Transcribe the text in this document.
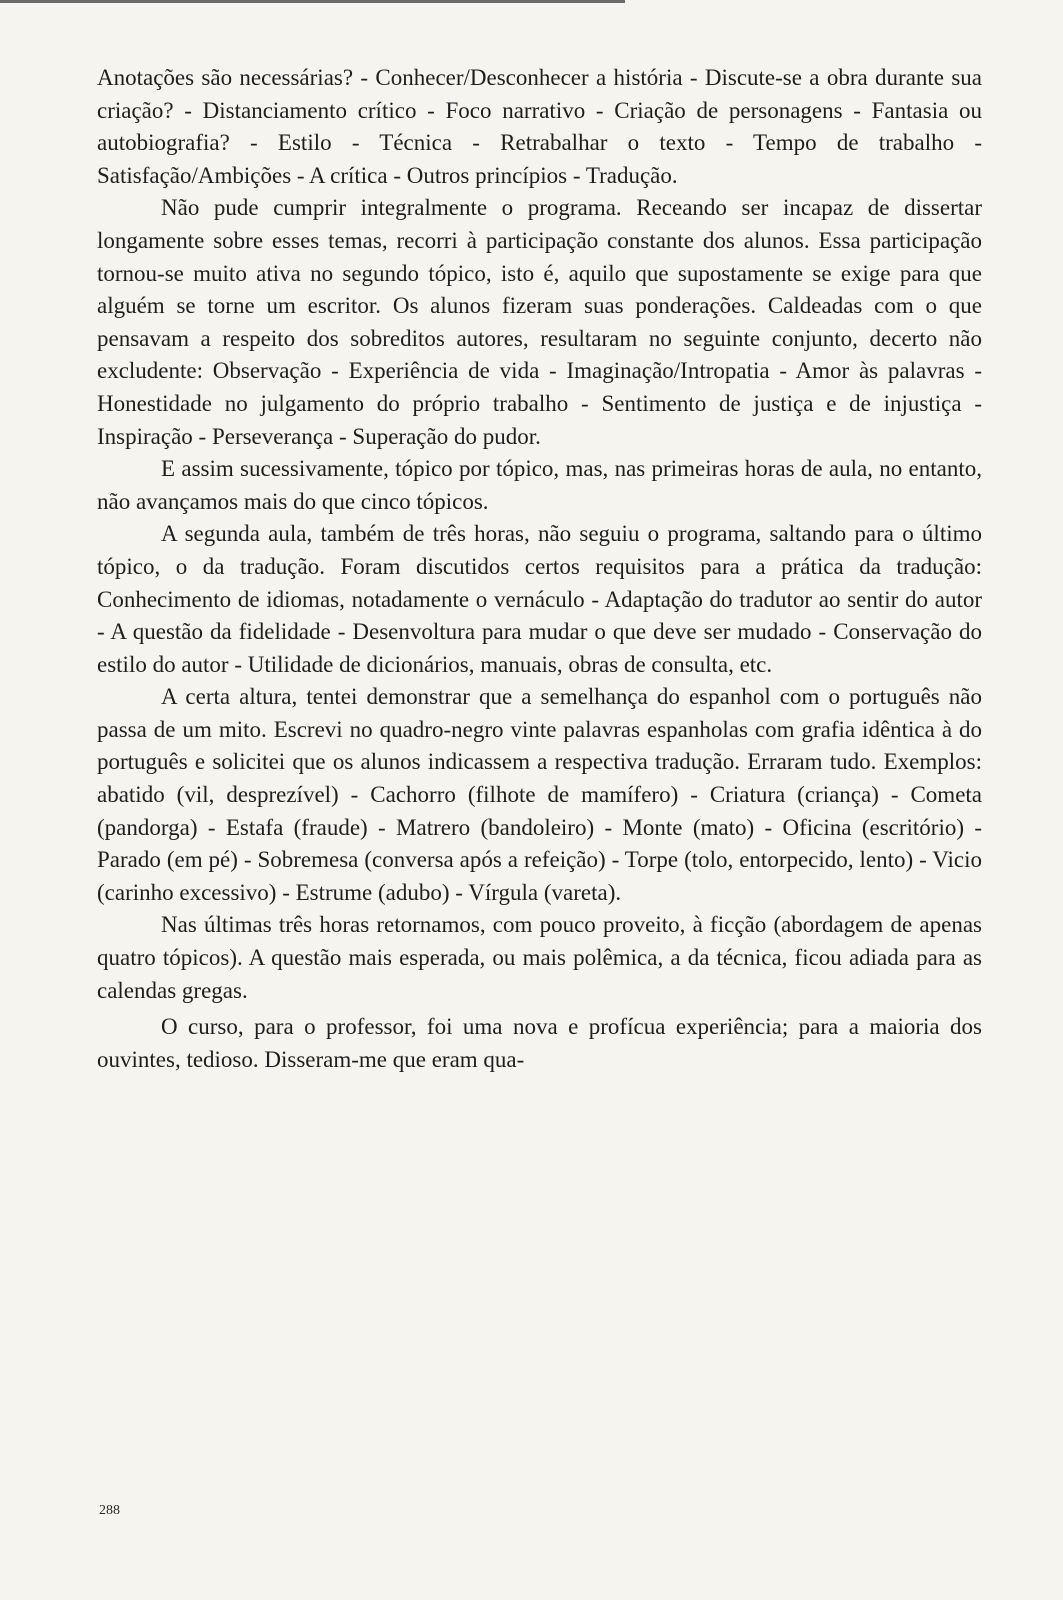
Anotações são necessárias? - Conhecer/Desconhecer a história - Discute-se a obra durante sua criação? - Distanciamento crítico - Foco narrativo - Criação de personagens - Fantasia ou autobiografia? - Estilo - Técnica - Retrabalhar o texto - Tempo de trabalho - Satisfação/Ambições - A crítica - Outros princípios - Tradução.

Não pude cumprir integralmente o programa. Receando ser incapaz de dissertar longamente sobre esses temas, recorri à participação constante dos alunos. Essa participação tornou-se muito ativa no segundo tópico, isto é, aquilo que supostamente se exige para que alguém se torne um escritor. Os alunos fizeram suas ponderações. Caldeadas com o que pensavam a respeito dos sobreditos autores, resultaram no seguinte conjunto, decerto não excludente: Observação - Experiência de vida - Imaginação/Intropatia - Amor às palavras -Honestidade no julgamento do próprio trabalho - Sentimento de justiça e de injustiça - Inspiração - Perseverança - Superação do pudor.

E assim sucessivamente, tópico por tópico, mas, nas primeiras horas de aula, no entanto, não avançamos mais do que cinco tópicos.

A segunda aula, também de três horas, não seguiu o programa, saltando para o último tópico, o da tradução. Foram discutidos certos requisitos para a prática da tradução: Conhecimento de idiomas, notadamente o vernáculo - Adaptação do tradutor ao sentir do autor - A questão da fidelidade - Desenvoltura para mudar o que deve ser mudado - Conservação do estilo do autor - Utilidade de dicionários, manuais, obras de consulta, etc.

A certa altura, tentei demonstrar que a semelhança do espanhol com o português não passa de um mito. Escrevi no quadro-negro vinte palavras espanholas com grafia idêntica à do português e solicitei que os alunos indicassem a respectiva tradução. Erraram tudo. Exemplos: abatido (vil, desprezível) - Cachorro (filhote de mamífero) - Criatura (criança) - Cometa (pandorga) - Estafa (fraude) - Matrero (bandoleiro) - Monte (mato) - Oficina (escritório) - Parado (em pé) - Sobremesa (conversa após a refeição) - Torpe (tolo, entorpecido, lento) - Vicio (carinho excessivo) - Estrume (adubo) - Vírgula (vareta).

Nas últimas três horas retornamos, com pouco proveito, à ficção (abordagem de apenas quatro tópicos). A questão mais esperada, ou mais polêmica, a da técnica, ficou adiada para as calendas gregas.

O curso, para o professor, foi uma nova e profícua experiência; para a maioria dos ouvintes, tedioso. Disseram-me que eram qua-

288
